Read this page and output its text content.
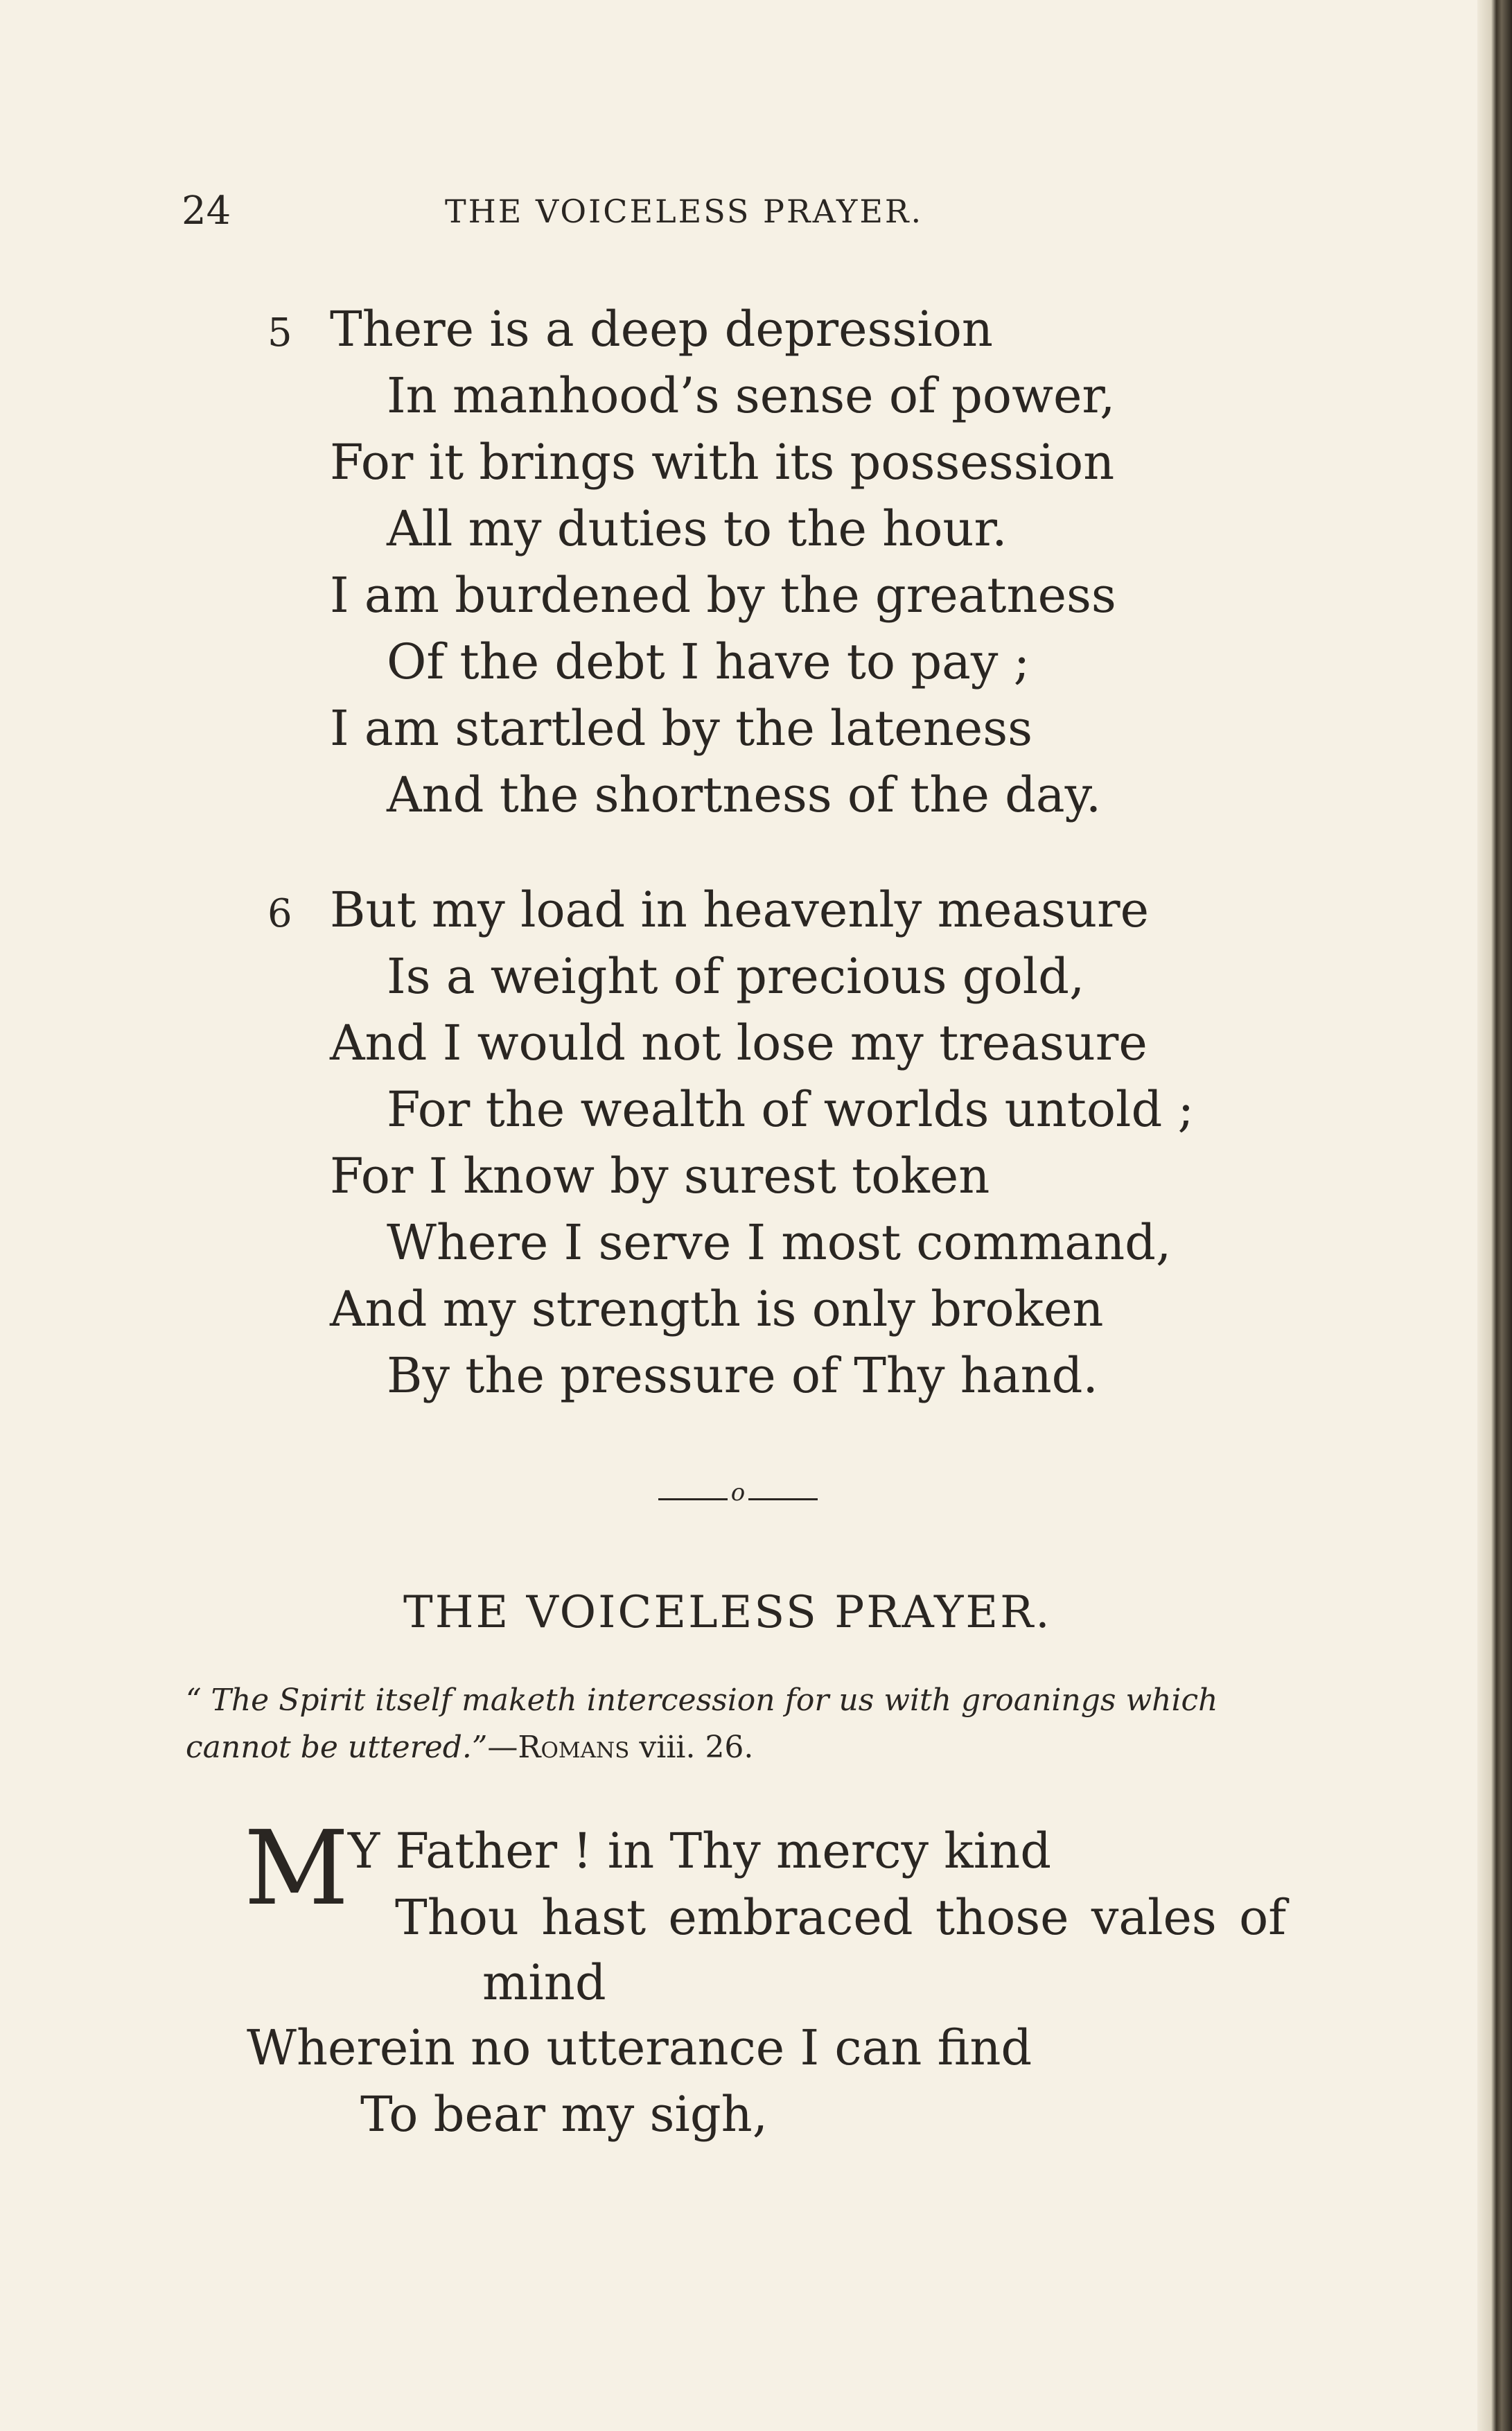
24	THE VOICELESS PRAYER.
5 There is a deep depression
In manhood’s sense of power,
For it brings with its possession
All my duties to the hour.
I am burdened by the greatness
Of the debt I have to pay ;
I am startled by the lateness
And the shortness of the day.
6 But my load in heavenly measure
Is a weight of precious gold,
And I would not lose my treasure
For the wealth of worlds untold ;
For I know by surest token
Where I serve I most command,
And my strength is only broken
By the pressure of Thy hand.
o
THE VOICELESS PRAYER.
“ The Spirit itself maketh intercession for us with groanings which
cannot be uttered.”—Romans viii. 26.
M
Y Father ! in Thy mercy kind
Thou hast embraced those vales of
mind
Wherein no utterance I can find
To bear my sigh,
